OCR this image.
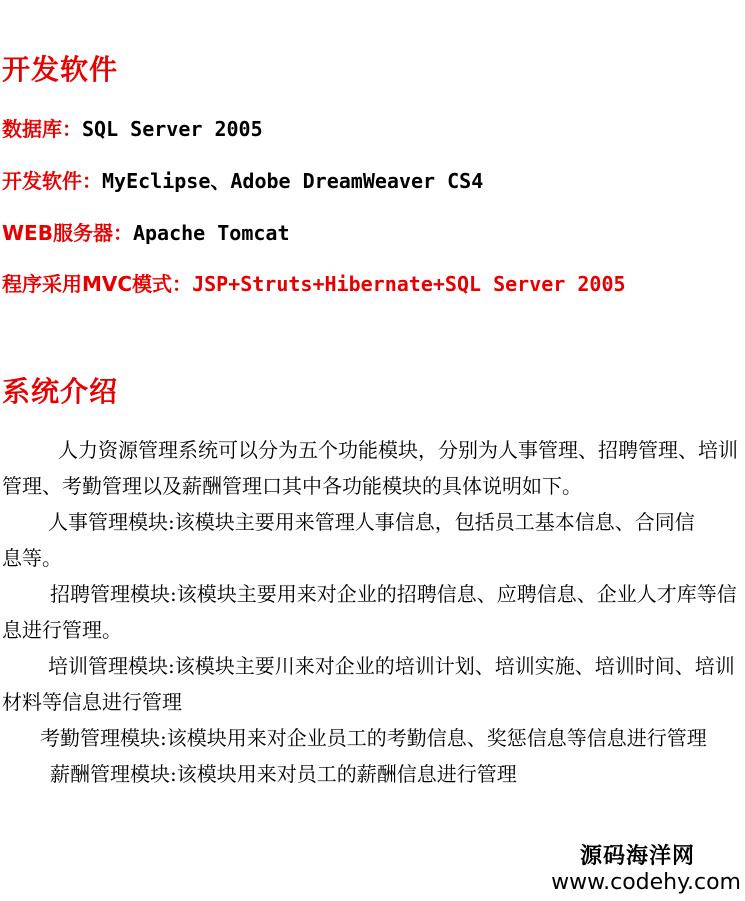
开发软件
数据库：SQL Server 2005
开发软件：MyEclipse、Adobe DreamWeaver CS4
WEB服务器：Apache Tomcat
程序采用MVC模式：JSP+Struts+Hibernate+SQL Server 2005
系统介绍

人力资源管理系统可以分为五个功能模块，分别为人事管理、招聘管理、培训管理、考勤管理以及薪酬管理口其中各功能模块的具体说明如下。

人事管理模块:该模块主要用来管理人事信息，包括员工基本信息、合同信息等。

招聘管理模块:该模块主要用来对企业的招聘信息、应聘信息、企业人才库等信息进行管理。

培训管理模块:该模块主要川来对企业的培训计划、培训实施、培训时间、培训材料等信息进行管理

考勤管理模块:该模块用来对企业员工的考勤信息、奖惩信息等信息进行管理

薪酬管理模块:该模块用来对员工的薪酬信息进行管理

源码海洋网
www.codehy.com
